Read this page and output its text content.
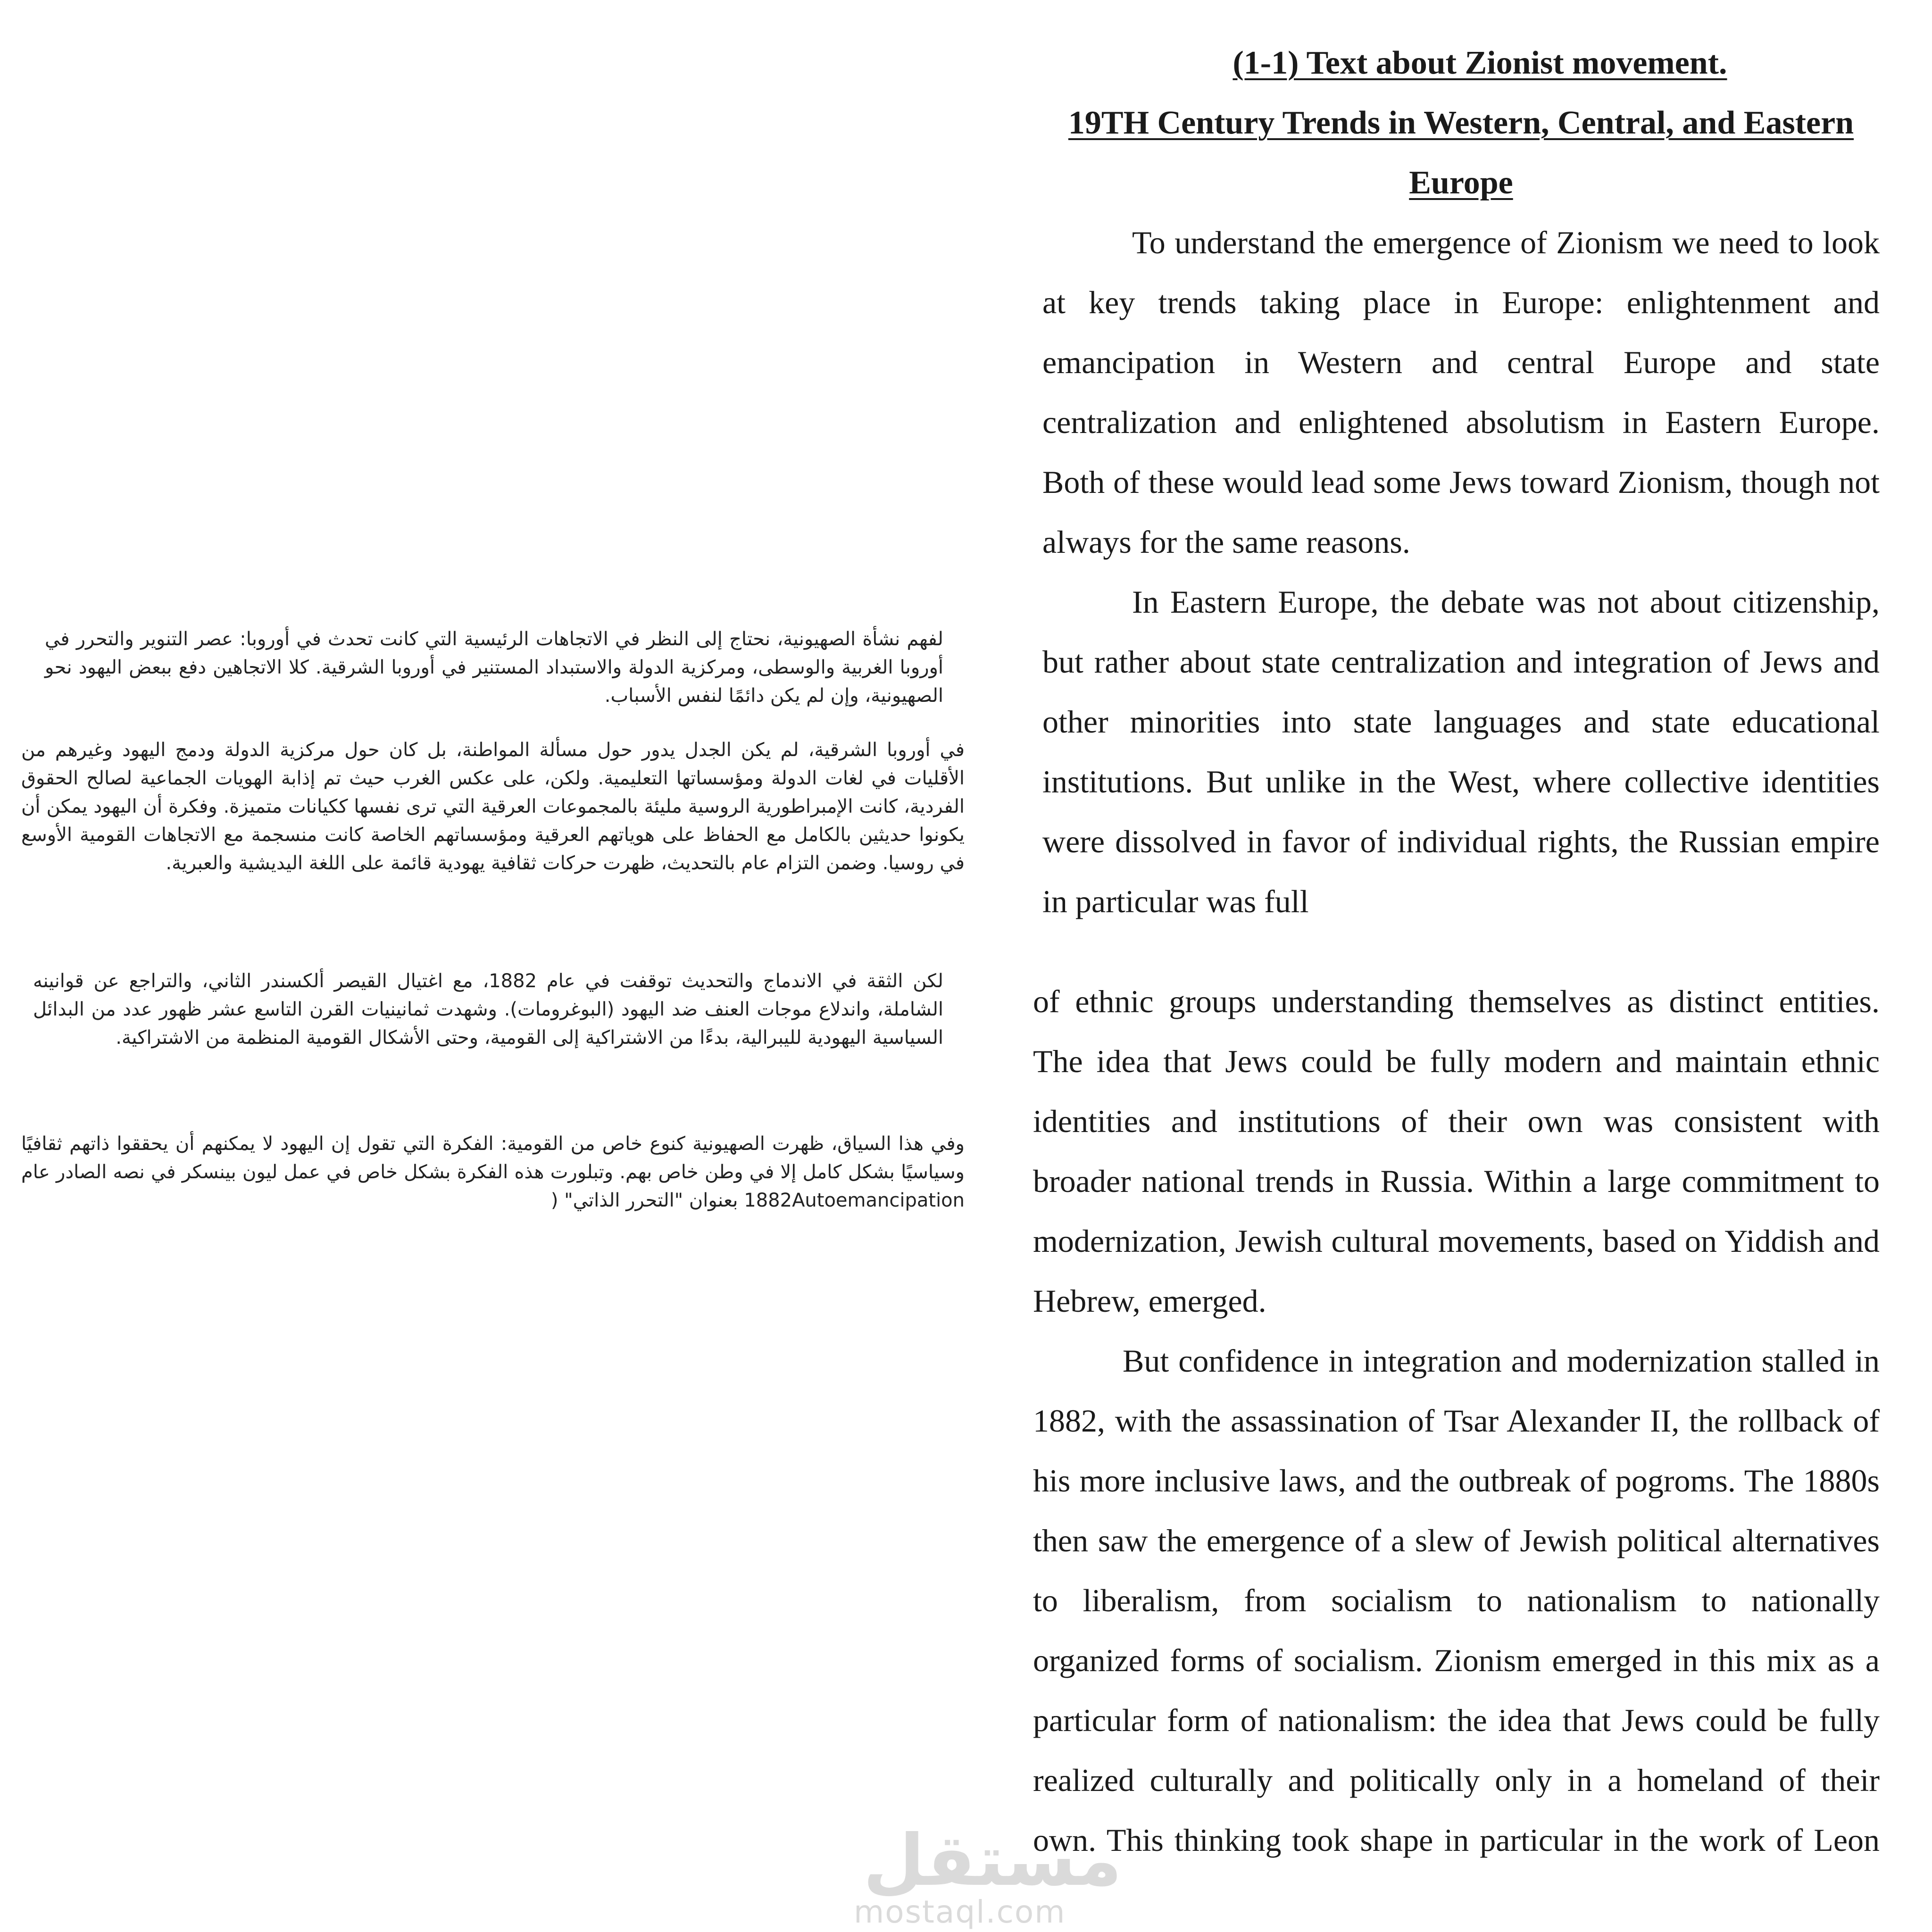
(1-1) Text about Zionist movement.

19TH Century Trends in Western, Central, and Eastern

Europe

To understand the emergence of Zionism we need to look at key trends taking place in Europe: enlightenment and emancipation in Western and central Europe and state centralization and enlightened absolutism in Eastern Europe. Both of these would lead some Jews toward Zionism, though not always for the same reasons.

In Eastern Europe, the debate was not about citizenship, but rather about state centralization and integration of Jews and other minorities into state languages and state educational institutions. But unlike in the West, where collective identities were dissolved in favor of individual rights, the Russian empire in particular was full

of ethnic groups understanding themselves as distinct entities. The idea that Jews could be fully modern and maintain ethnic identities and institutions of their own was consistent with broader national trends in Russia. Within a large commitment to modernization, Jewish cultural movements, based on Yiddish and Hebrew, emerged.

But confidence in integration and modernization stalled in 1882, with the assassination of Tsar Alexander II, the rollback of his more inclusive laws, and the outbreak of pogroms. The 1880s then saw the emergence of a slew of Jewish political alternatives to liberalism, from socialism to nationalism to nationally organized forms of socialism. Zionism emerged in this mix as a particular form of nationalism: the idea that Jews could be fully realized culturally and politically only in a homeland of their own. This thinking took shape in particular in the work of Leon

لفهم نشأة الصهيونية، نحتاج إلى النظر في الاتجاهات الرئيسية التي كانت تحدث في أوروبا: عصر التنوير والتحرر في أوروبا الغربية والوسطى، ومركزية الدولة والاستبداد المستنير في أوروبا الشرقية. كلا الاتجاهين دفع ببعض اليهود نحو الصهيونية، وإن لم يكن دائمًا لنفس الأسباب.

في أوروبا الشرقية، لم يكن الجدل يدور حول مسألة المواطنة، بل كان حول مركزية الدولة ودمج اليهود وغيرهم من الأقليات في لغات الدولة ومؤسساتها التعليمية. ولكن، على عكس الغرب حيث تم إذابة الهويات الجماعية لصالح الحقوق الفردية، كانت الإمبراطورية الروسية مليئة بالمجموعات العرقية التي ترى نفسها ككيانات متميزة. وفكرة أن اليهود يمكن أن يكونوا حديثين بالكامل مع الحفاظ على هوياتهم العرقية ومؤسساتهم الخاصة كانت منسجمة مع الاتجاهات القومية الأوسع في روسيا. وضمن التزام عام بالتحديث، ظهرت حركات ثقافية يهودية قائمة على اللغة اليديشية والعبرية.

لكن الثقة في الاندماج والتحديث توقفت في عام 1882، مع اغتيال القيصر ألكسندر الثاني، والتراجع عن قوانينه الشاملة، واندلاع موجات العنف ضد اليهود (البوغرومات). وشهدت ثمانينيات القرن التاسع عشر ظهور عدد من البدائل السياسية اليهودية لليبرالية، بدءًا من الاشتراكية إلى القومية، وحتى الأشكال القومية المنظمة من الاشتراكية.

وفي هذا السياق، ظهرت الصهيونية كنوع خاص من القومية: الفكرة التي تقول إن اليهود لا يمكنهم أن يحققوا ذاتهم ثقافيًا وسياسيًا بشكل كامل إلا في وطن خاص بهم. وتبلورت هذه الفكرة بشكل خاص في عمل ليون بينسكر في نصه الصادر عام 1882Autoemancipation بعنوان "التحرر الذاتي" (

مستقل
mostaql.com
